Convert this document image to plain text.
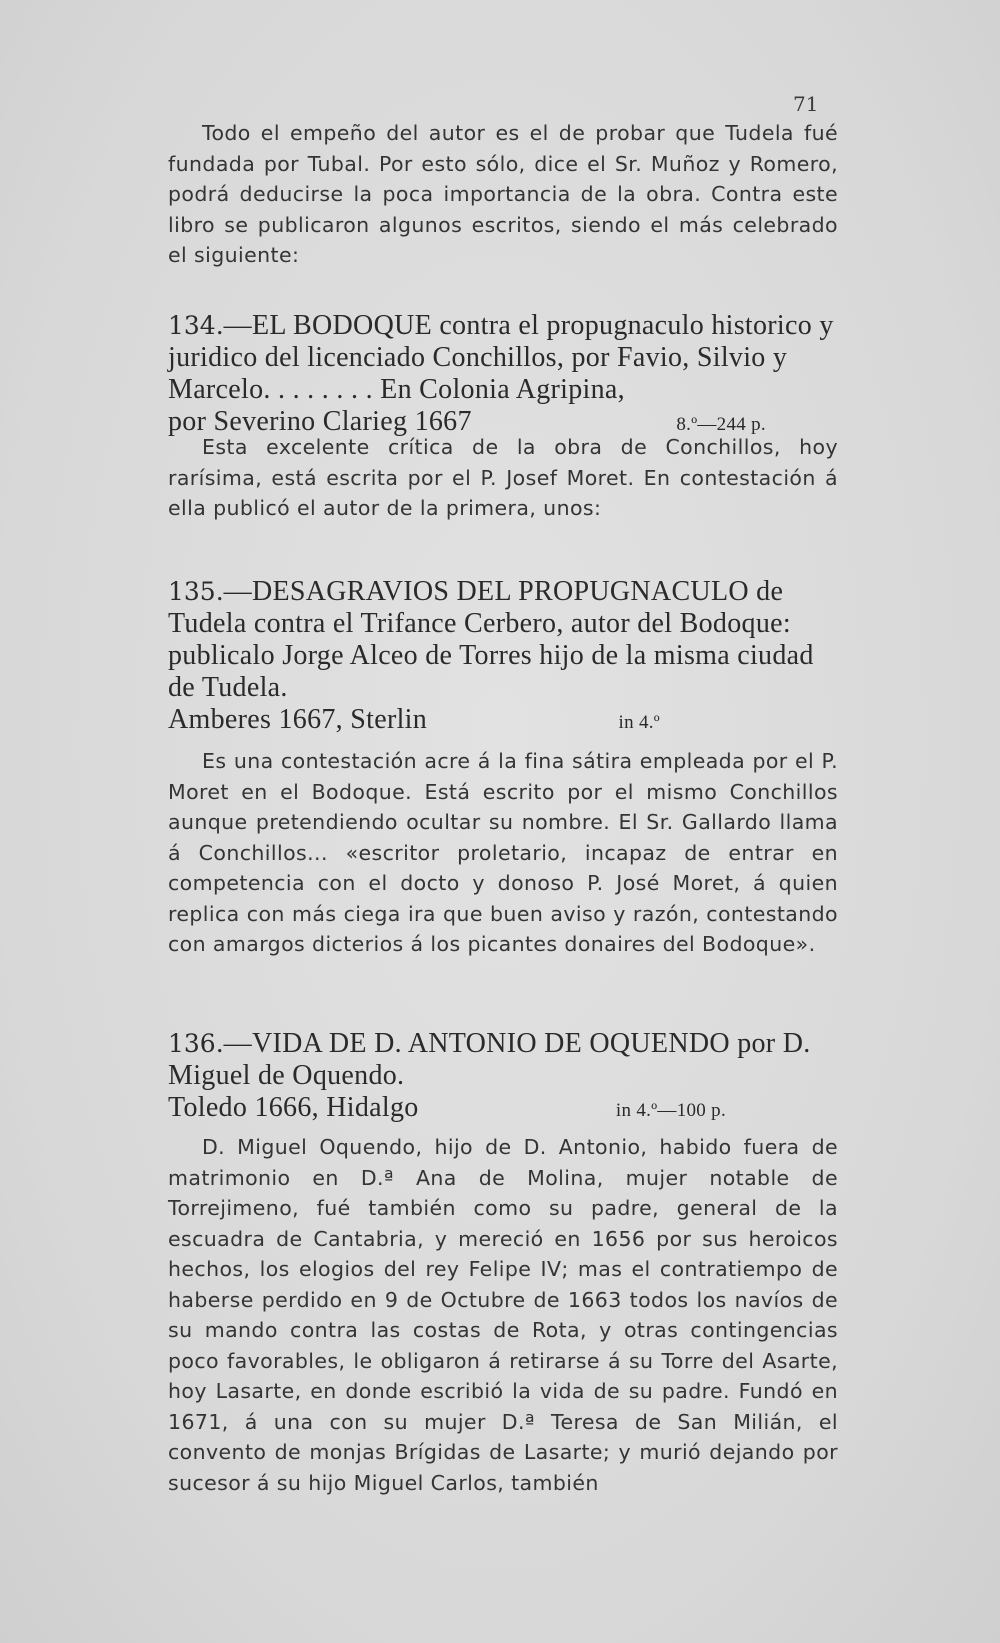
71
Todo el empeño del autor es el de probar que Tudela fué fundada por Tubal. Por esto sólo, dice el Sr. Muñoz y Romero, podrá deducirse la poca importancia de la obra. Contra este libro se publicaron algunos escritos, siendo el más celebrado el siguiente:

134.—EL BODOQUE contra el propugnaculo historico y juridico del licenciado Conchillos, por Favio, Silvio y Marcelo. . . . . . . . En Colonia Agripina,

por Severino Clarieg 1667	8.º—244 p.
Esta excelente crítica de la obra de Conchillos, hoy rarísima, está escrita por el P. Josef Moret. En contestación á ella publicó el autor de la primera, unos:

135.—DESAGRAVIOS DEL PROPUGNACULO de Tudela contra el Trifance Cerbero, autor del Bodoque: publicalo Jorge Alceo de Torres hijo de la misma ciudad de Tudela.

Amberes 1667, Sterlin	in 4.º
Es una contestación acre á la fina sátira empleada por el P. Moret en el Bodoque. Está escrito por el mismo Conchillos aunque pretendiendo ocultar su nombre. El Sr. Gallardo llama á Conchillos... «escritor proletario, incapaz de entrar en competencia con el docto y donoso P. José Moret, á quien replica con más ciega ira que buen aviso y razón, contestando con amargos dicterios á los picantes donaires del Bodoque».

136.—VIDA DE D. ANTONIO DE OQUENDO por D. Miguel de Oquendo.

Toledo 1666, Hidalgo	in 4.º—100 p.
D. Miguel Oquendo, hijo de D. Antonio, habido fuera de matrimonio en D.ª Ana de Molina, mujer notable de Torrejimeno, fué también como su padre, general de la escuadra de Cantabria, y mereció en 1656 por sus heroicos hechos, los elogios del rey Felipe IV; mas el contratiempo de haberse perdido en 9 de Octubre de 1663 todos los navíos de su mando contra las costas de Rota, y otras contingencias poco favorables, le obligaron á retirarse á su Torre del Asarte, hoy Lasarte, en donde escribió la vida de su padre. Fundó en 1671, á una con su mujer D.ª Teresa de San Milián, el convento de monjas Brígidas de Lasarte; y murió dejando por sucesor á su hijo Miguel Carlos, también
